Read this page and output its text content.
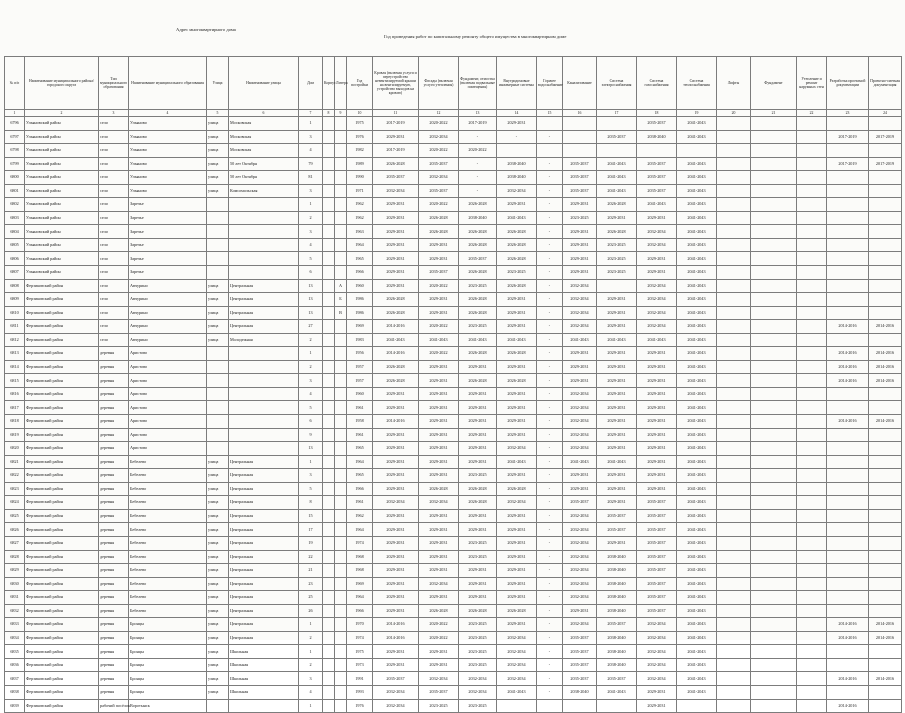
Адрес многоквартирного дома
Год проведения работ по капитальному ремонту общего имущества в многоквартирном доме
№ п/п	Наименование муниципального района/городского округа	Тип муниципального образования	Наименование муниципального образования	Улица	Наименование улицы	Дом	Корпус	Литера	Год постройки	Кровля (включая услуги и переустройство невентилируемой крыши на вентилируемую, устройство выходов на кровлю)	Фасады (включая услуги утепления)	Фундамент, отмостка (включая подвальные помещения)	Внутридомовые инженерные системы	Горячее водоснабжение	Канализование	Система электроснабжения	Система газоснабжения	Система теплоснабжения	Лифты	Фундамент	Утепление и ремонт наружных стен	Разработка проектной документации	Проектно-сметная документация
1	2	3	4	5	6	7	8	9	10	11	12	13	14	15	16	17	18	19	20	21	22	23	24
6796	Ульяновский район	село	Ульяново	улица	Московская	1			1975	2017-2019	2020-2022	2017-2019	2029-2031				2035-2037	2041-2043					
6797	Ульяновский район	село	Ульяново	улица	Московская	3			1976	2029-2031	2032-2034	-	-	-		2035-2037	2038-2040	2041-2043				2017-2019	2017-2019
6798	Ульяновский район	село	Ульяново	улица	Московская	4			1982	2017-2019	2020-2022	2020-2022											
6799	Ульяновский район	село	Ульяново	улица	50 лет Октября	79			1989	2026-2028	2035-2037	-	2038-2040	-	2035-2037	2041-2043	2035-2037	2041-2043				2017-2019	2017-2019
6800	Ульяновский район	село	Ульяново	улица	50 лет Октября	81			1990	2035-2037	2032-2034	-	2038-2040	-	2035-2037	2041-2043	2035-2037	2041-2043					
6801	Ульяновский район	село	Ульяново	улица	Комсомольская	3			1971	2032-2034	2035-2037	-	2032-2034	-	2035-2037	2041-2043	2035-2037	2041-2043					
6802	Ульяновский район	село	Заречье			1			1962	2029-2031	2020-2022	2026-2028	2029-2031	-	2029-2031	2026-2028	2041-2043	2041-2043					
6803	Ульяновский район	село	Заречье			2			1962	2029-2031	2026-2028	2038-2040	2041-2043	-	2023-2025	2029-2031	2029-2031	2041-2043					
6804	Ульяновский район	село	Заречье			3			1963	2029-2031	2026-2028	2026-2028	2026-2028	-	2029-2031	2026-2028	2032-2034	2041-2043					
6805	Ульяновский район	село	Заречье			4			1964	2029-2031	2029-2031	2026-2028	2026-2028	-	2029-2031	2023-2025	2032-2034	2041-2043					
6806	Ульяновский район	село	Заречье			5			1965	2029-2031	2029-2031	2035-2037	2026-2028	-	2029-2031	2023-2025	2029-2031	2041-2043					
6807	Ульяновский район	село	Заречье			6			1966	2029-2031	2035-2037	2026-2028	2023-2025	-	2029-2031	2023-2025	2029-2031	2041-2043					
6808	Ферзиковский район	село	Авчурино	улица	Центральная	13		А	1960	2029-2031	2020-2022	2023-2025	2026-2028	-	2032-2034		2032-2034	2041-2043					
6809	Ферзиковский район	село	Авчурино	улица	Центральная	13		Б	1986	2026-2028	2029-2031	2026-2028	2029-2031	-	2032-2034	2029-2031	2032-2034	2041-2043					
6810	Ферзиковский район	село	Авчурино	улица	Центральная	13		В	1986	2026-2028	2029-2031	2026-2028	2029-2031	-	2032-2034	2029-2031	2032-2034	2041-2043					
6811	Ферзиковский район	село	Авчурино	улица	Центральная	27			1969	2014-2016	2020-2022	2023-2025	2029-2031	-	2032-2034	2029-2031	2032-2034	2041-2043				2014-2016	2014-2016
6812	Ферзиковский район	село	Авчурино	улица	Молодежная	2			1983	2041-2043	2041-2043	2041-2043	2041-2043	-	2041-2043	2041-2043	2041-2043	2041-2043					
6813	Ферзиковский район	деревня	Аристово			1			1956	2014-2016	2020-2022	2026-2028	2026-2028	-	2029-2031	2029-2031	2029-2031	2041-2043				2014-2016	2014-2016
6814	Ферзиковский район	деревня	Аристово			2			1957	2026-2028	2029-2031	2029-2031	2029-2031	-	2029-2031	2029-2031	2029-2031	2041-2043				2014-2016	2014-2016
6815	Ферзиковский район	деревня	Аристово			3			1957	2026-2028	2029-2031	2026-2028	2026-2028	-	2029-2031	2029-2031	2029-2031	2041-2043				2014-2016	2014-2016
6816	Ферзиковский район	деревня	Аристово			4			1960	2029-2031	2029-2031	2029-2031	2029-2031	-	2032-2034	2029-2031	2029-2031	2041-2043					
6817	Ферзиковский район	деревня	Аристово			5			1961	2029-2031	2029-2031	2029-2031	2029-2031	-	2032-2034	2029-2031	2029-2031	2041-2043					
6818	Ферзиковский район	деревня	Аристово			6			1958	2014-2016	2029-2031	2029-2031	2029-2031	-	2032-2034	2029-2031	2029-2031	2041-2043				2014-2016	2014-2016
6819	Ферзиковский район	деревня	Аристово			9			1961	2029-2031	2029-2031	2029-2031	2029-2031	-	2032-2034	2029-2031	2029-2031	2041-2043					
6820	Ферзиковский район	деревня	Аристово			13			1965	2029-2031	2029-2031	2029-2031	2032-2034	-	2032-2034	2029-2031	2029-2031	2041-2043					
6821	Ферзиковский район	деревня	Бебелево	улица	Центральная	1			1964	2029-2031	2029-2031	2029-2031	2041-2043	-	2041-2043	2041-2043	2029-2031	2041-2043					
6822	Ферзиковский район	деревня	Бебелево	улица	Центральная	3			1965	2029-2031	2029-2031	2023-2025	2029-2031	-	2029-2031	2029-2031	2029-2031	2041-2043					
6823	Ферзиковский район	деревня	Бебелево	улица	Центральная	5			1966	2029-2031	2026-2028	2026-2028	2026-2028	-	2029-2031	2029-2031	2029-2031	2041-2043					
6824	Ферзиковский район	деревня	Бебелево	улица	Центральная	8			1961	2032-2034	2032-2034	2026-2028	2032-2034	-	2035-2037	2029-2031	2035-2037	2041-2043					
6825	Ферзиковский район	деревня	Бебелево	улица	Центральная	15			1962	2029-2031	2029-2031	2029-2031	2029-2031	-	2032-2034	2035-2037	2035-2037	2041-2043					
6826	Ферзиковский район	деревня	Бебелево	улица	Центральная	17			1964	2029-2031	2029-2031	2029-2031	2029-2031	-	2032-2034	2035-2037	2035-2037	2041-2043					
6827	Ферзиковский район	деревня	Бебелево	улица	Центральная	19			1974	2029-2031	2029-2031	2023-2025	2029-2031	-	2032-2034	2029-2031	2035-2037	2041-2043					
6828	Ферзиковский район	деревня	Бебелево	улица	Центральная	22			1968	2029-2031	2029-2031	2023-2025	2029-2031	-	2032-2034	2038-2040	2035-2037	2041-2043					
6829	Ферзиковский район	деревня	Бебелево	улица	Центральная	21			1968	2029-2031	2029-2031	2029-2031	2029-2031	-	2032-2034	2038-2040	2035-2037	2041-2043					
6830	Ферзиковский район	деревня	Бебелево	улица	Центральная	23			1969	2029-2031	2032-2034	2029-2031	2029-2031	-	2032-2034	2038-2040	2035-2037	2041-2043					
6831	Ферзиковский район	деревня	Бебелево	улица	Центральная	25			1964	2029-2031	2029-2031	2029-2031	2029-2031	-	2032-2034	2038-2040	2035-2037	2041-2043					
6832	Ферзиковский район	деревня	Бебелево	улица	Центральная	26			1966	2029-2031	2026-2028	2026-2028	2026-2028	-	2029-2031	2038-2040	2035-2037	2041-2043					
6833	Ферзиковский район	деревня	Бронцы	улица	Центральная	1			1970	2014-2016	2020-2022	2023-2025	2029-2031	-	2032-2034	2035-2037	2032-2034	2041-2043				2014-2016	2014-2016
6834	Ферзиковский район	деревня	Бронцы	улица	Центральная	2			1974	2014-2016	2020-2022	2023-2025	2032-2034	-	2035-2037	2038-2040	2032-2034	2041-2043				2014-2016	2014-2016
6835	Ферзиковский район	деревня	Бронцы	улица	Школьная	1			1975	2029-2031	2029-2031	2023-2025	2032-2034	-	2035-2037	2038-2040	2032-2034	2041-2043					
6836	Ферзиковский район	деревня	Бронцы	улица	Школьная	2			1973	2029-2031	2029-2031	2023-2025	2032-2034	-	2035-2037	2038-2040	2032-2034	2041-2043					
6837	Ферзиковский район	деревня	Бронцы	улица	Школьная	3			1991	2035-2037	2032-2034	2032-2034	2032-2034	-	2035-2037	2035-2037	2032-2034	2041-2043				2014-2016	2014-2016
6838	Ферзиковский район	деревня	Бронцы	улица	Школьная	4			1993	2032-2034	2035-2037	2032-2034	2041-2043	-	2038-2040	2041-2043	2029-2031	2041-2043					
6839	Ферзиковский район	рабочий посёлок	Воротынск			1			1976	2032-2034	2023-2025	2023-2025					2029-2031					2014-2016	
